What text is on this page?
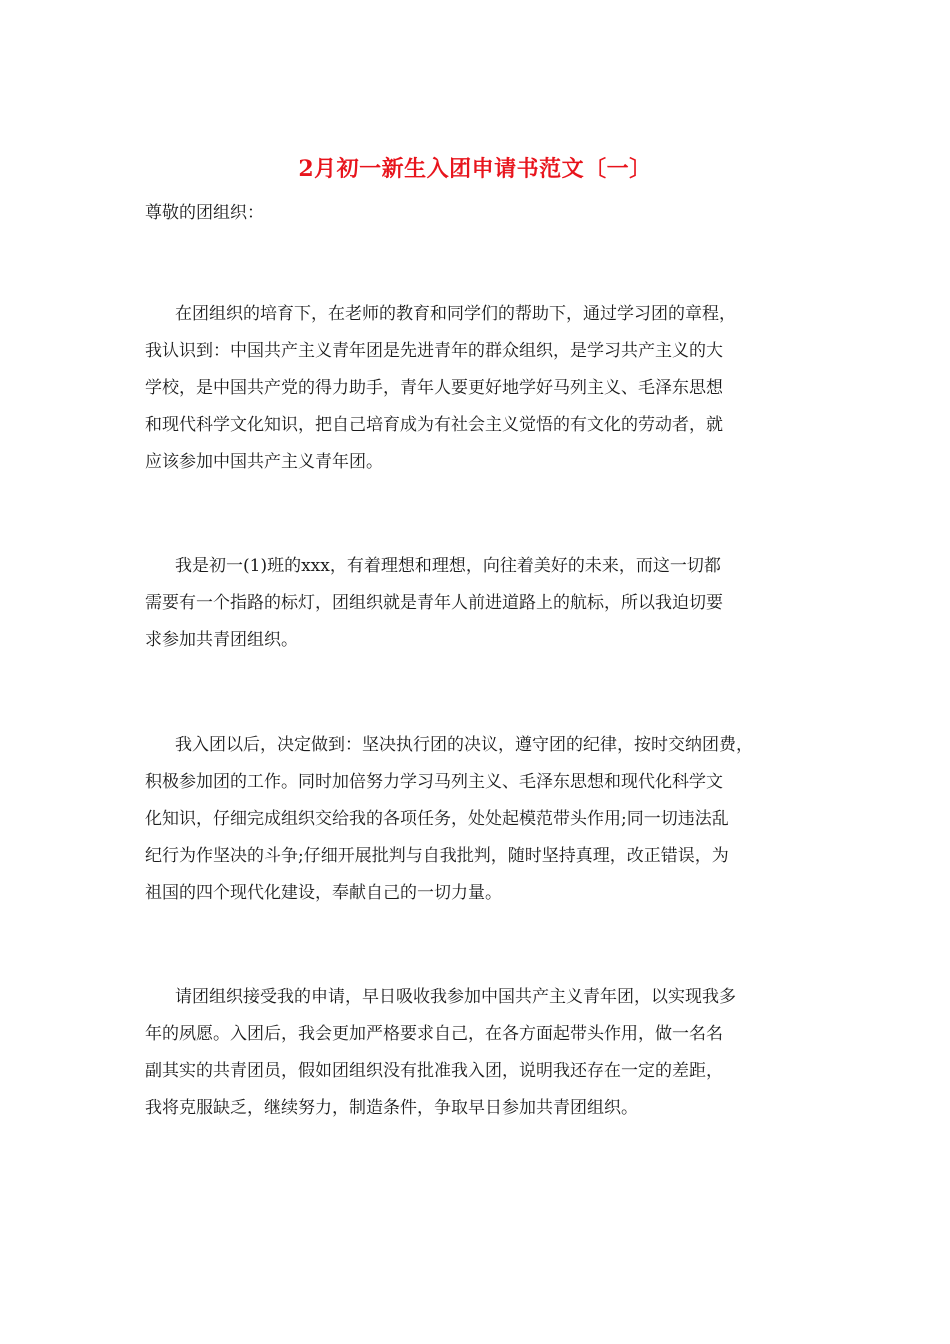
2月初一新生入团申请书范文〔一〕
尊敬的团组织：
在团组织的培育下，在老师的教育和同学们的帮助下，通过学习团的章程，
我认识到：中国共产主义青年团是先进青年的群众组织，是学习共产主义的大
学校，是中国共产党的得力助手，青年人要更好地学好马列主义、毛泽东思想
和现代科学文化知识，把自己培育成为有社会主义觉悟的有文化的劳动者，就
应该参加中国共产主义青年团。
我是初一(1)班的xxx，有着理想和理想，向往着美好的未来，而这一切都
需要有一个指路的标灯，团组织就是青年人前进道路上的航标，所以我迫切要
求参加共青团组织。
我入团以后，决定做到：坚决执行团的决议，遵守团的纪律，按时交纳团费，
积极参加团的工作。同时加倍努力学习马列主义、毛泽东思想和现代化科学文
化知识，仔细完成组织交给我的各项任务，处处起模范带头作用;同一切违法乱
纪行为作坚决的斗争;仔细开展批判与自我批判，随时坚持真理，改正错误，为
祖国的四个现代化建设，奉献自己的一切力量。
请团组织接受我的申请，早日吸收我参加中国共产主义青年团，以实现我多
年的夙愿。入团后，我会更加严格要求自己，在各方面起带头作用，做一名名
副其实的共青团员，假如团组织没有批准我入团，说明我还存在一定的差距，
我将克服缺乏，继续努力，制造条件，争取早日参加共青团组织。
